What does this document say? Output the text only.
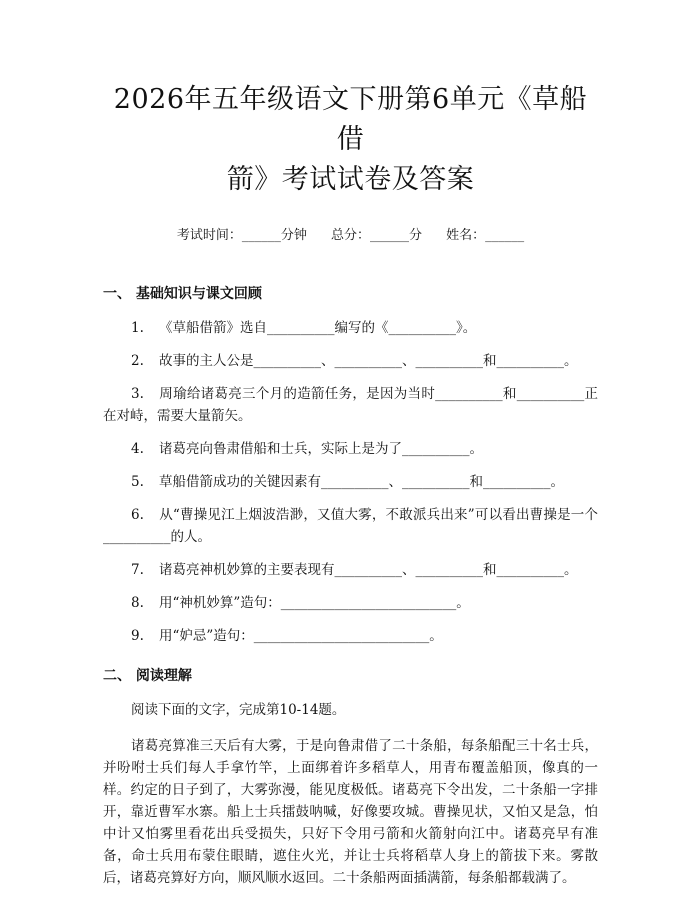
2026年五年级语文下册第6单元《草船借
箭》考试试卷及答案
考试时间：______分钟 总分：______分 姓名：______
一、 基础知识与课文回顾

1. 《草船借箭》选自__________编写的《__________》。

2. 故事的主人公是__________、__________、__________和__________。

3. 周瑜给诸葛亮三个月的造箭任务，是因为当时__________和__________正在对峙，需要大量箭矢。

4. 诸葛亮向鲁肃借船和士兵，实际上是为了__________。

5. 草船借箭成功的关键因素有__________、__________和__________。

6. 从“曹操见江上烟波浩渺，又值大雾，不敢派兵出来”可以看出曹操是一个__________的人。

7. 诸葛亮神机妙算的主要表现有__________、__________和__________。

8. 用“神机妙算”造句：__________________________。

9. 用“妒忌”造句：__________________________。

二、 阅读理解

阅读下面的文字，完成第10-14题。

诸葛亮算准三天后有大雾，于是向鲁肃借了二十条船，每条船配三十名士兵，并吩咐士兵们每人手拿竹竿，上面绑着许多稻草人，用青布覆盖船顶，像真的一样。约定的日子到了，大雾弥漫，能见度极低。诸葛亮下令出发，二十条船一字排开，靠近曹军水寨。船上士兵擂鼓呐喊，好像要攻城。曹操见状，又怕又是急，怕中计又怕雾里看花出兵受损失，只好下令用弓箭和火箭射向江中。诸葛亮早有准备，命士兵用布蒙住眼睛，遮住火光，并让士兵将稻草人身上的箭拔下来。雾散后，诸葛亮算好方向，顺风顺水返回。二十条船两面插满箭，每条船都载满了。
